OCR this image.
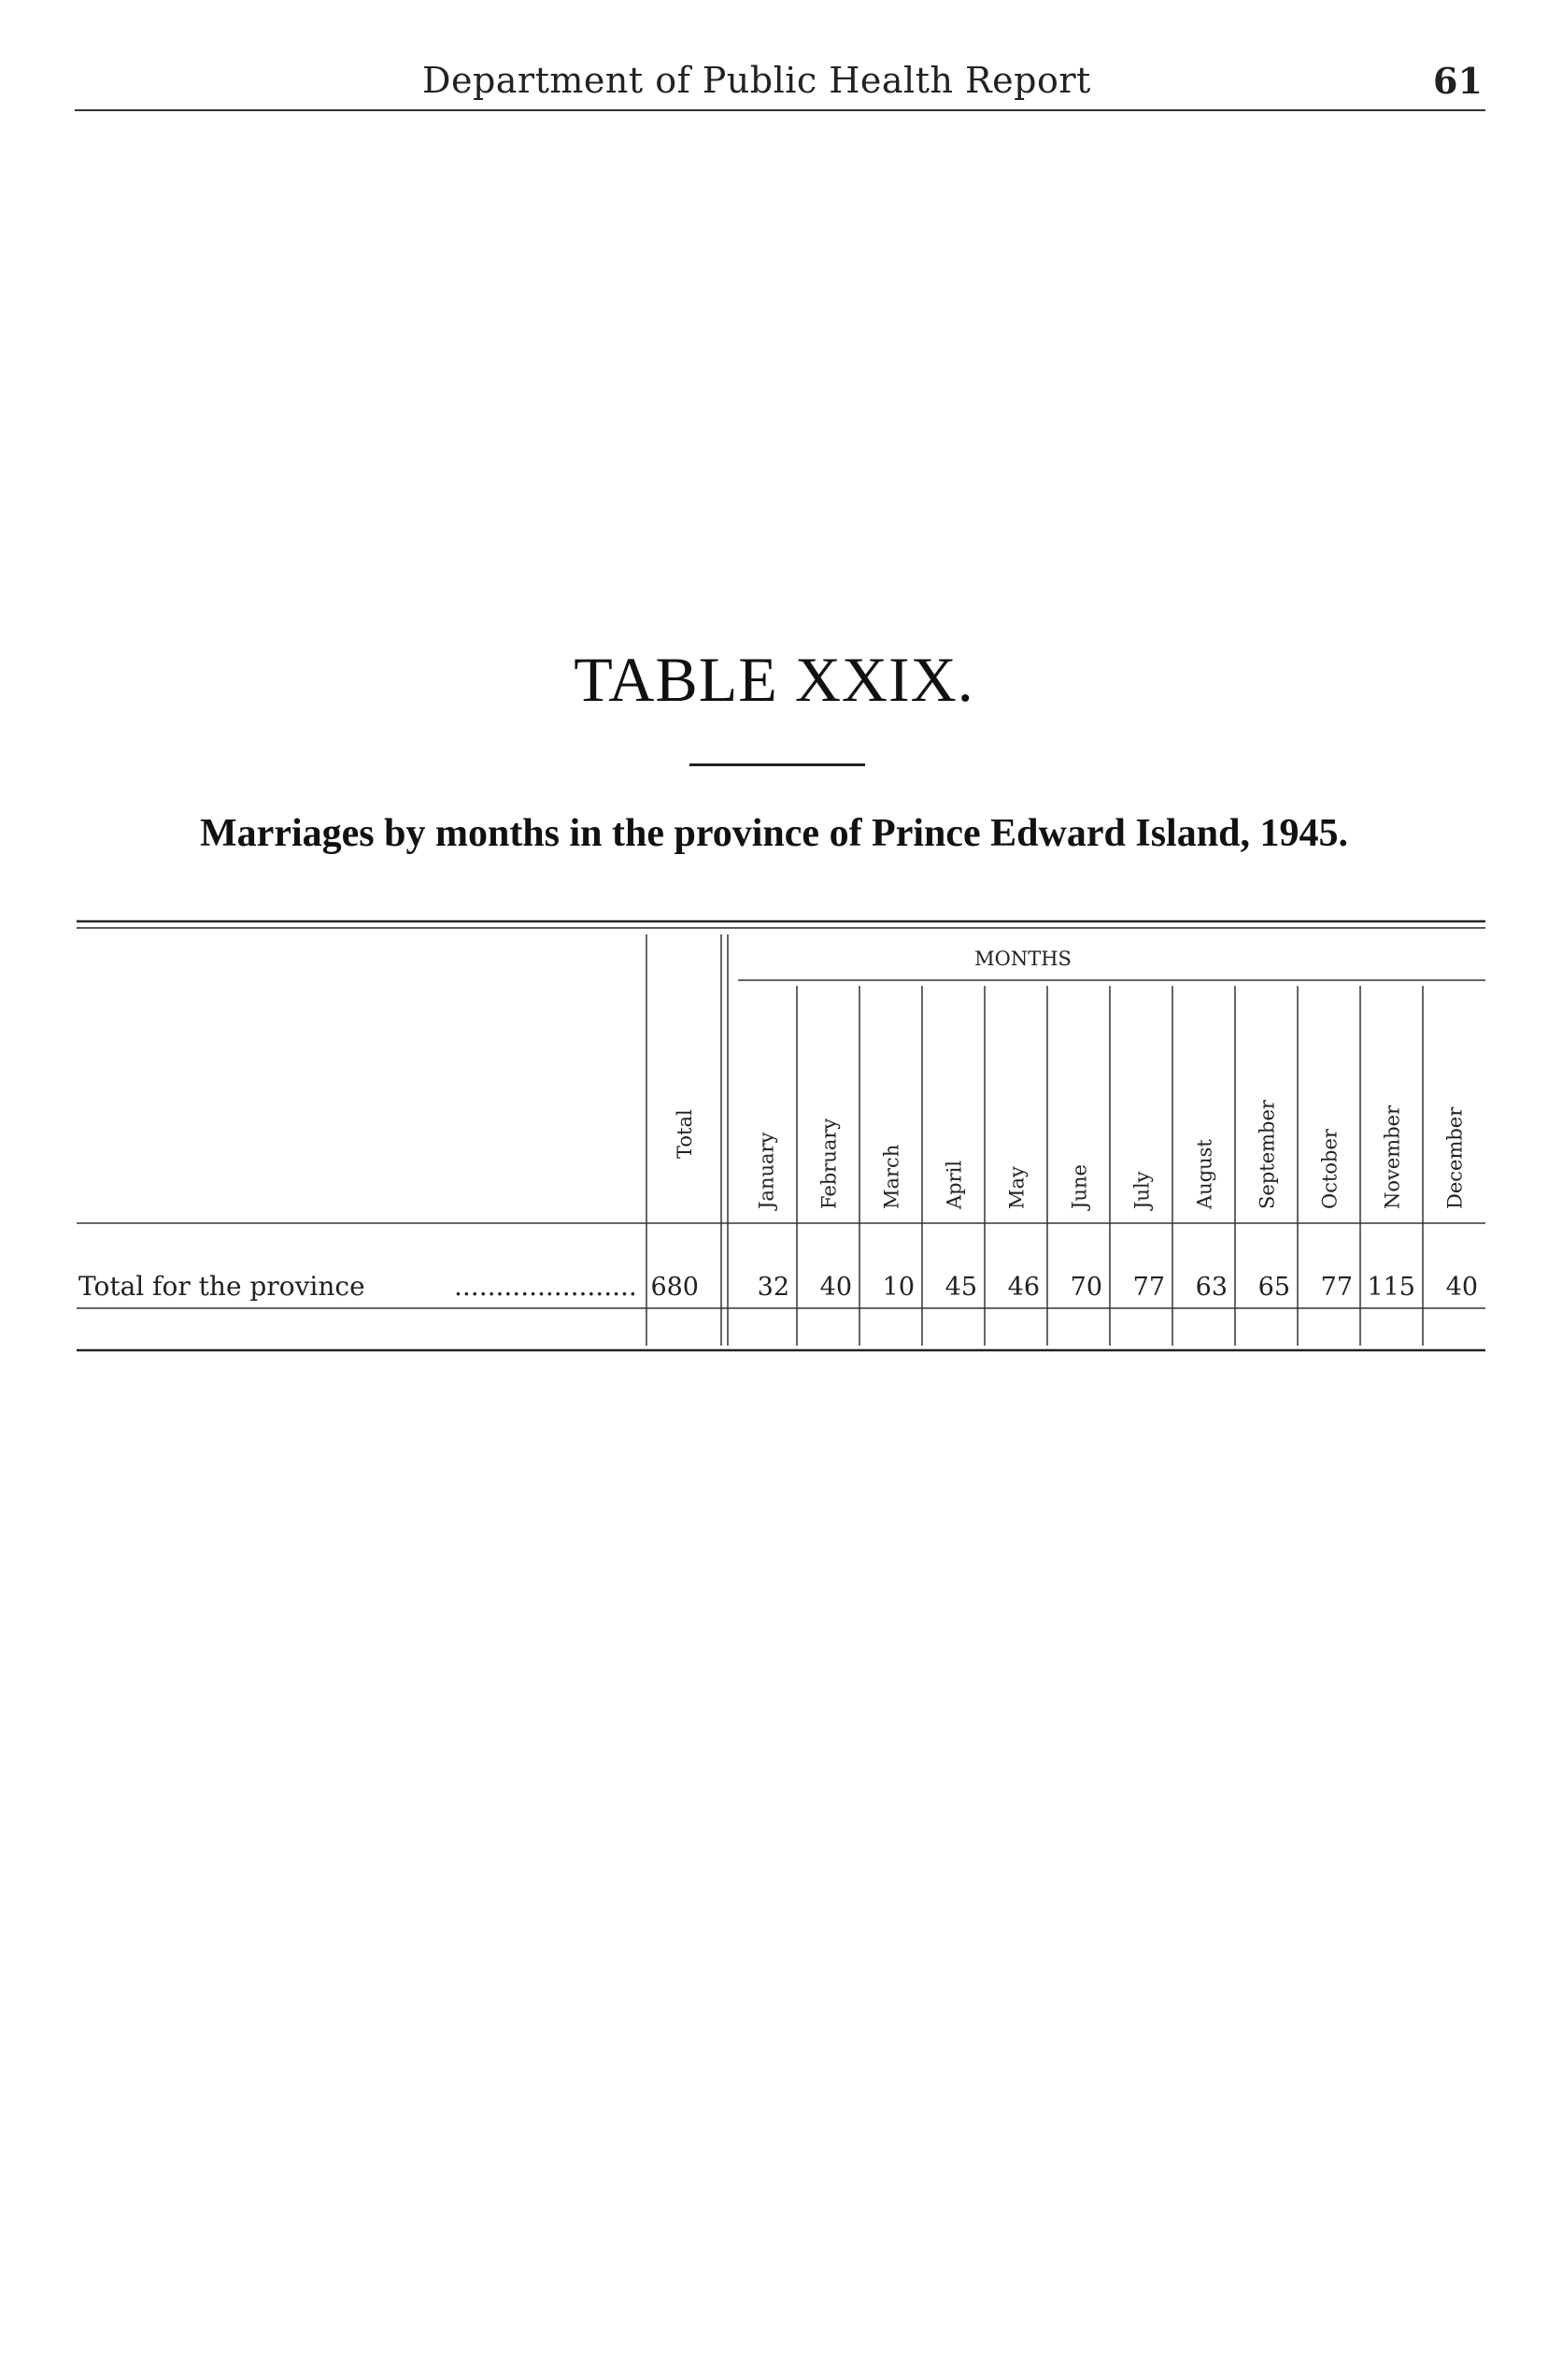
Department of Public Health Report	61
TABLE XXIX.
Marriages by months in the province of Prince Edward Island, 1945.
Total
MONTHS
Total for the province	...................... 680
January February March April May June July August September October November December
32 40 10 45 46 70 77 63 65 77 115 40
